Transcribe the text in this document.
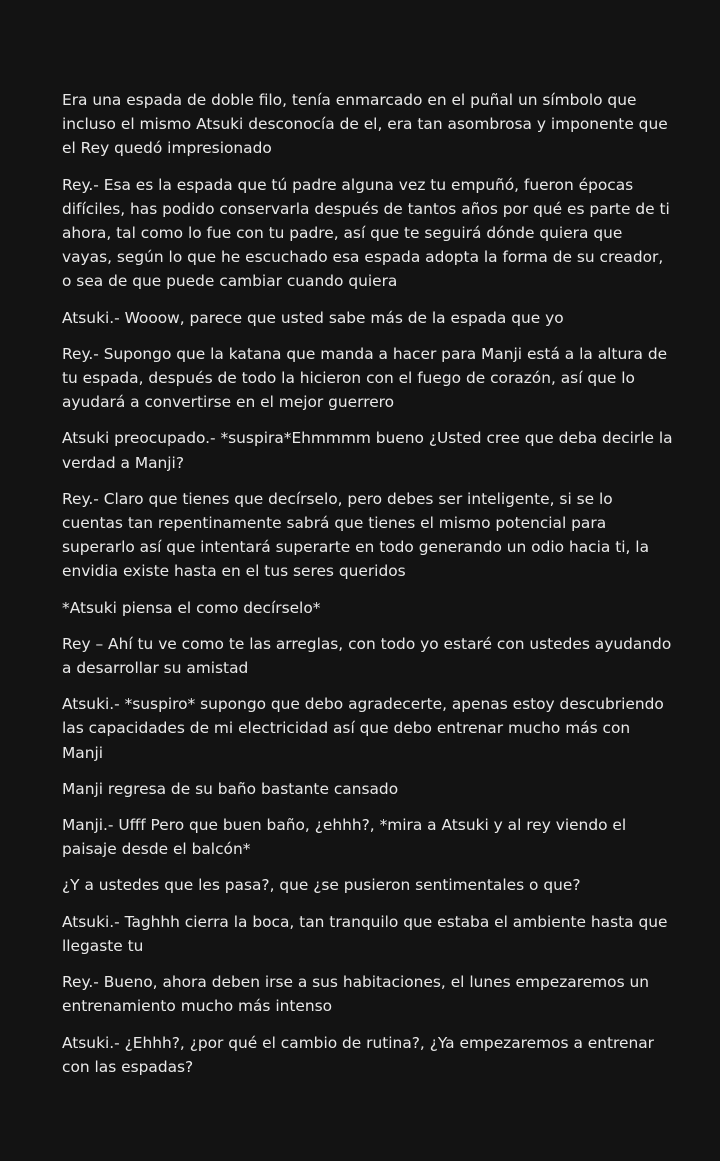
Era una espada de doble filo, tenía enmarcado en el puñal un símbolo que incluso el mismo Atsuki desconocía de el, era tan asombrosa y imponente que el Rey quedó impresionado

Rey.- Esa es la espada que tú padre alguna vez tu empuñó, fueron épocas difíciles, has podido conservarla después de tantos años por qué es parte de ti ahora, tal como lo fue con tu padre, así que te seguirá dónde quiera que vayas, según lo que he escuchado esa espada adopta la forma de su creador, o sea de que puede cambiar cuando quiera

Atsuki.- Wooow, parece que usted sabe más de la espada que yo

Rey.- Supongo que la katana que manda a hacer para Manji está a la altura de tu espada, después de todo la hicieron con el fuego de corazón, así que lo ayudará a convertirse en el mejor guerrero

Atsuki preocupado.- *suspira*Ehmmmm bueno ¿Usted cree que deba decirle la verdad a Manji?

Rey.- Claro que tienes que decírselo, pero debes ser inteligente, si se lo cuentas tan repentinamente sabrá que tienes el mismo potencial para superarlo así que intentará superarte en todo generando un odio hacia ti, la envidia existe hasta en el tus seres queridos

*Atsuki piensa el como decírselo*

Rey – Ahí tu ve como te las arreglas, con todo yo estaré con ustedes ayudando a desarrollar su amistad

Atsuki.- *suspiro* supongo que debo agradecerte, apenas estoy descubriendo las capacidades de mi electricidad así que debo entrenar mucho más con Manji

Manji regresa de su baño bastante cansado

Manji.- Ufff Pero que buen baño, ¿ehhh?, *mira a Atsuki y al rey viendo el paisaje desde el balcón*

¿Y a ustedes que les pasa?, que ¿se pusieron sentimentales o que?

Atsuki.- Taghhh cierra la boca, tan tranquilo que estaba el ambiente hasta que llegaste tu

Rey.- Bueno, ahora deben irse a sus habitaciones, el lunes empezaremos un entrenamiento mucho más intenso

Atsuki.- ¿Ehhh?, ¿por qué el cambio de rutina?, ¿Ya empezaremos a entrenar con las espadas?
